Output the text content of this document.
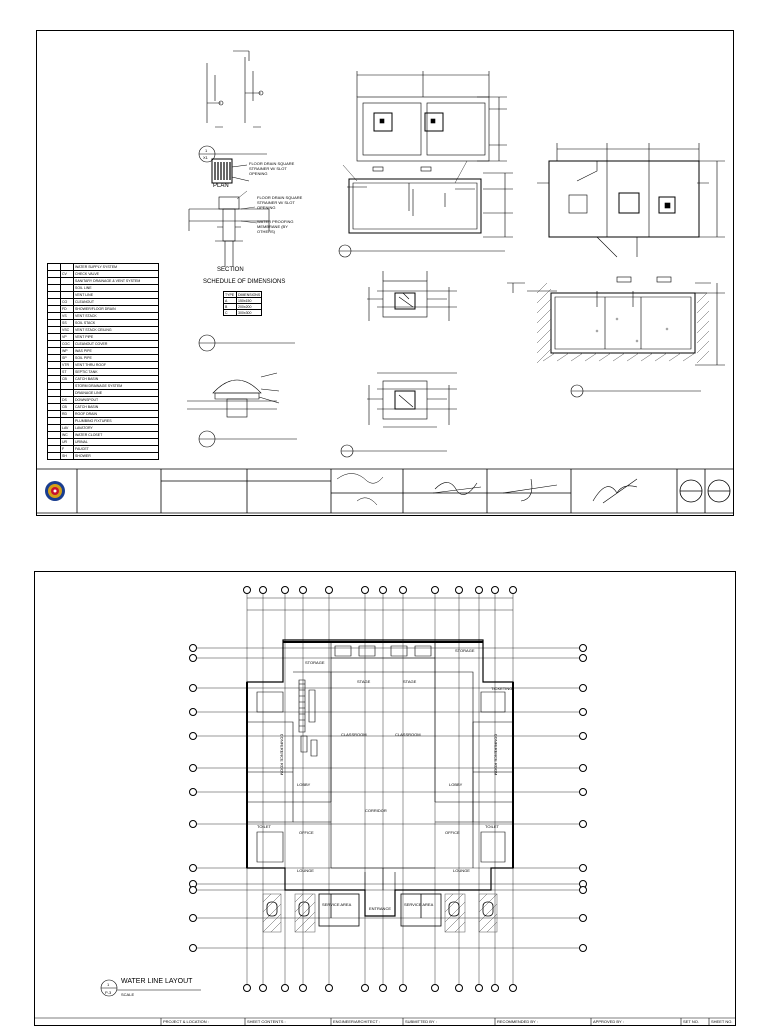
		WATER SUPPLY SYSTEM
	CV	CHECK VALVE
		SANITARY DRAINAGE & VENT SYSTEM
		SOIL LINE
		VENT LINE
	CO	CLEANOUT
	FD	SHOWER/FLOOR DRAIN
	VS	VENT STACK
	SS	SOIL STACK
	VSC	VENT STACK CEILING
	VP	VENT PIPE
	COC	CLEANOUT COVER
	WP	WAS PIPE
	SP	SOIL PIPE
	VTR	VENT THRU ROOF
	ST	SEPTIC TANK
	CB	CATCH BASIN
		STORM DRAINAGE SYSTEM
		DRAINAGE LINE
	DS	DOWNSPOUT
	CB	CATCH BASIN
	RD	ROOF DRAIN
		PLUMBING FIXTURES
	LAV	LAVATORY
	WC	WATER CLOSET
	UR	URINAL
	F	FAUCET
	SH	SHOWER
PLAN
SECTION
SCHEDULE OF DIMENSIONS
FLOOR DRAIN SQUARE STRAINER W/ SLOT OPENING
FLOOR DRAIN SQUARE STRAINER W/ SLOT OPENING
WATER PROOFING MEMBRANE (BY OTHERS)
1
X1
TYPE	DIMENSIONS
A	150x150
B	200x200
C	300x300
STAGE	STAGE
STORAGE
CLASSROOM	CLASSROOM
CONFERENCE ROOM	CONFERENCE ROOM
LOBBY	LOBBY
OFFICE	OFFICE
CORRIDOR
TOILET	TOILET
STORAGE
ENTRANCE
TICKETING
SERVICE AREA	SERVICE AREA
LOUNGE	LOUNGE
WATER LINE LAYOUT
SCALE
1
P-3
PROJECT & LOCATION :	SHEET CONTENTS :	ENGINEER/ARCHITECT :	SUBMITTED BY :	RECOMMENDED BY :	APPROVED BY :	SET NO.	SHEET NO.
